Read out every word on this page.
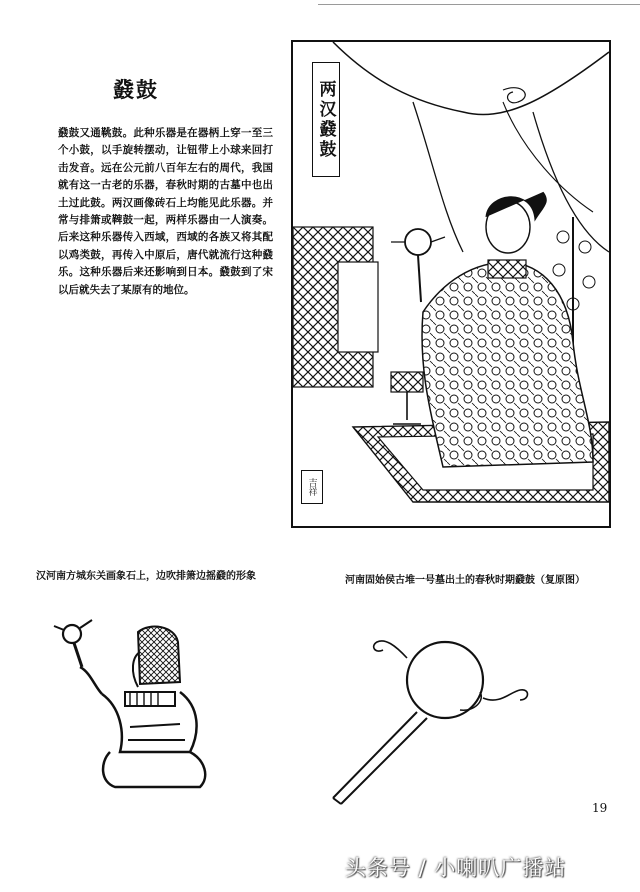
鼗鼓
鼗鼓又通鞉鼓。此种乐器是在器柄上穿一至三个小鼓，以手旋转摆动，让钮带上小球来回打击发音。远在公元前八百年左右的周代，我国就有这一古老的乐器，春秋时期的古墓中也出土过此鼓。两汉画像砖石上均能见此乐器。并常与排箫或鞞鼓一起，两样乐器由一人演奏。后来这种乐器传入西域，西域的各族又将其配以鸡类鼓，再传入中原后，唐代就流行这种鼗乐。这种乐器后来还影响到日本。鼗鼓到了宋以后就失去了某原有的地位。
两汉鼗鼓
吉祥
汉河南方城东关画象石上，边吹排箫边摇鼗的形象	河南固始侯古堆一号墓出土的春秋时期鼗鼓（复原图）
19
头条号 / 小喇叭广播站
